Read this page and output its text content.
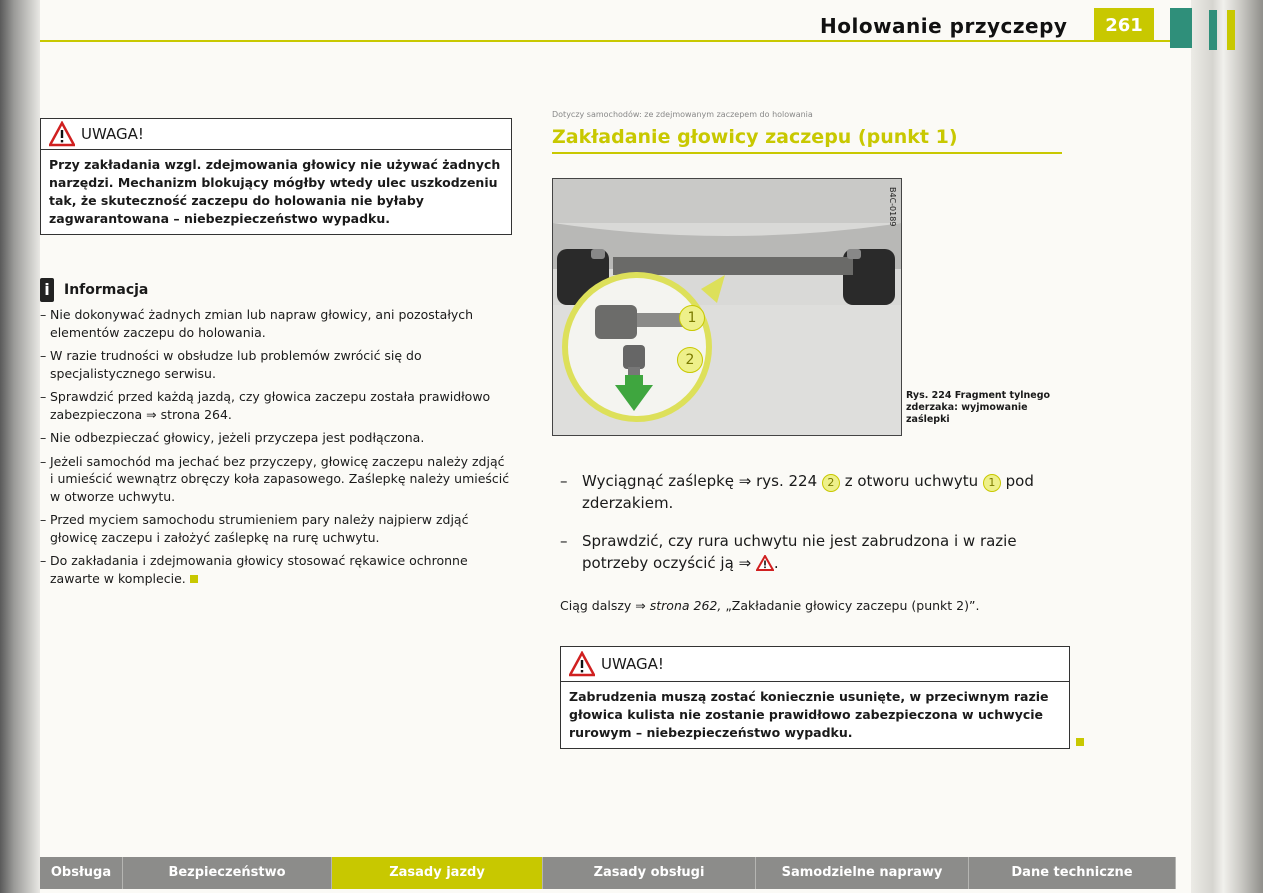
Holowanie przyczepy	261
UWAGA!
Przy zakładania wzgl. zdejmowania głowicy nie używać żadnych narzędzi. Mechanizm blokujący mógłby wtedy ulec uszkodzeniu tak, że skuteczność zaczepu do holowania nie byłaby zagwarantowana – niebezpieczeństwo wypadku.
i	Informacja
– Nie dokonywać żadnych zmian lub napraw głowicy, ani pozostałych elementów zaczepu do holowania.
– W razie trudności w obsłudze lub problemów zwrócić się do specjalistycznego serwisu.
– Sprawdzić przed każdą jazdą, czy głowica zaczepu została prawidłowo zabezpieczona ⇒ strona 264.
– Nie odbezpieczać głowicy, jeżeli przyczepa jest podłączona.
– Jeżeli samochód ma jechać bez przyczepy, głowicę zaczepu należy zdjąć i umieścić wewnątrz obręczy koła zapasowego. Zaślepkę należy umieścić w otworze uchwytu.
– Przed myciem samochodu strumieniem pary należy najpierw zdjąć głowicę zaczepu i założyć zaślepkę na rurę uchwytu.
– Do zakładania i zdejmowania głowicy stosować rękawice ochronne zawarte w komplecie.
Dotyczy samochodów: ze zdejmowanym zaczepem do holowania
Zakładanie głowicy zaczepu (punkt 1)
1
2
B4C-0189
Rys. 224 Fragment tylnego zderzaka: wyjmowanie zaślepki
– Wyciągnąć zaślepkę ⇒ rys. 224 2 z otworu uchwytu 1 pod zderzakiem.
– Sprawdzić, czy rura uchwytu nie jest zabrudzona i w razie potrzeby oczyścić ją ⇒ .
Ciąg dalszy ⇒ strona 262, „Zakładanie głowicy zaczepu (punkt 2)”.
UWAGA!
Zabrudzenia muszą zostać koniecznie usunięte, w przeciwnym razie głowica kulista nie zostanie prawidłowo zabezpieczona w uchwycie rurowym – niebezpieczeństwo wypadku.
Obsługa	Bezpieczeństwo	Zasady jazdy	Zasady obsługi	Samodzielne naprawy	Dane techniczne
